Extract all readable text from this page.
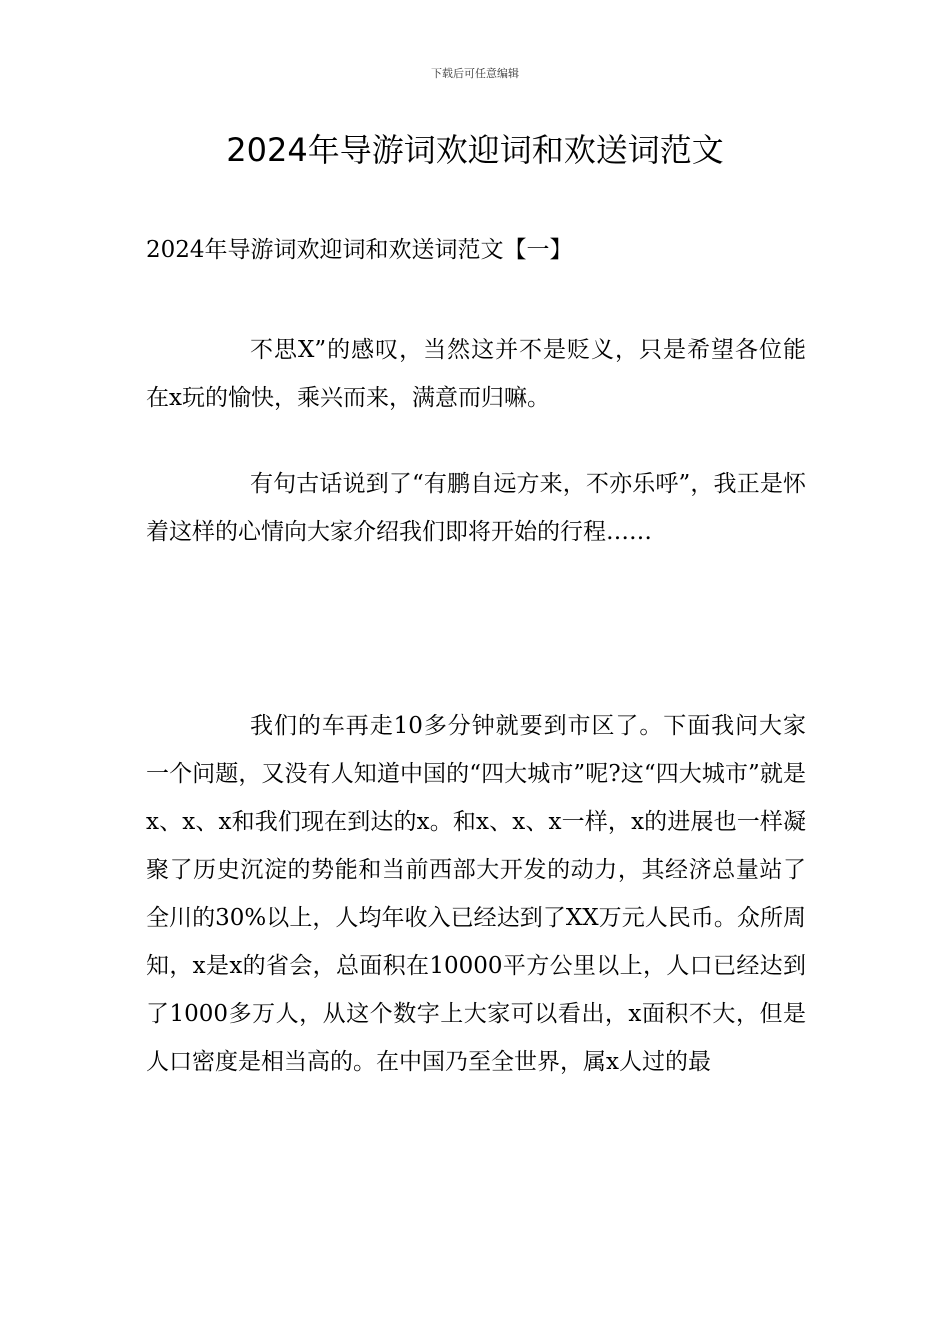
下载后可任意编辑
2024年导游词欢迎词和欢送词范文

2024年导游词欢迎词和欢送词范文【一】

不思X”的感叹，当然这并不是贬义，只是希望各位能在x玩的愉快，乘兴而来，满意而归嘛。

有句古话说到了“有鹏自远方来，不亦乐呼”，我正是怀着这样的心情向大家介绍我们即将开始的行程……

我们的车再走10多分钟就要到市区了。下面我问大家一个问题，又没有人知道中国的“四大城市”呢?这“四大城市”就是x、x、x和我们现在到达的x。和x、x、x一样，x的进展也一样凝聚了历史沉淀的势能和当前西部大开发的动力，其经济总量站了全川的30%以上，人均年收入已经达到了XX万元人民币。众所周知，x是x的省会，总面积在10000平方公里以上，人口已经达到了1000多万人，从这个数字上大家可以看出，x面积不大，但是人口密度是相当高的。在中国乃至全世界，属x人过的最
